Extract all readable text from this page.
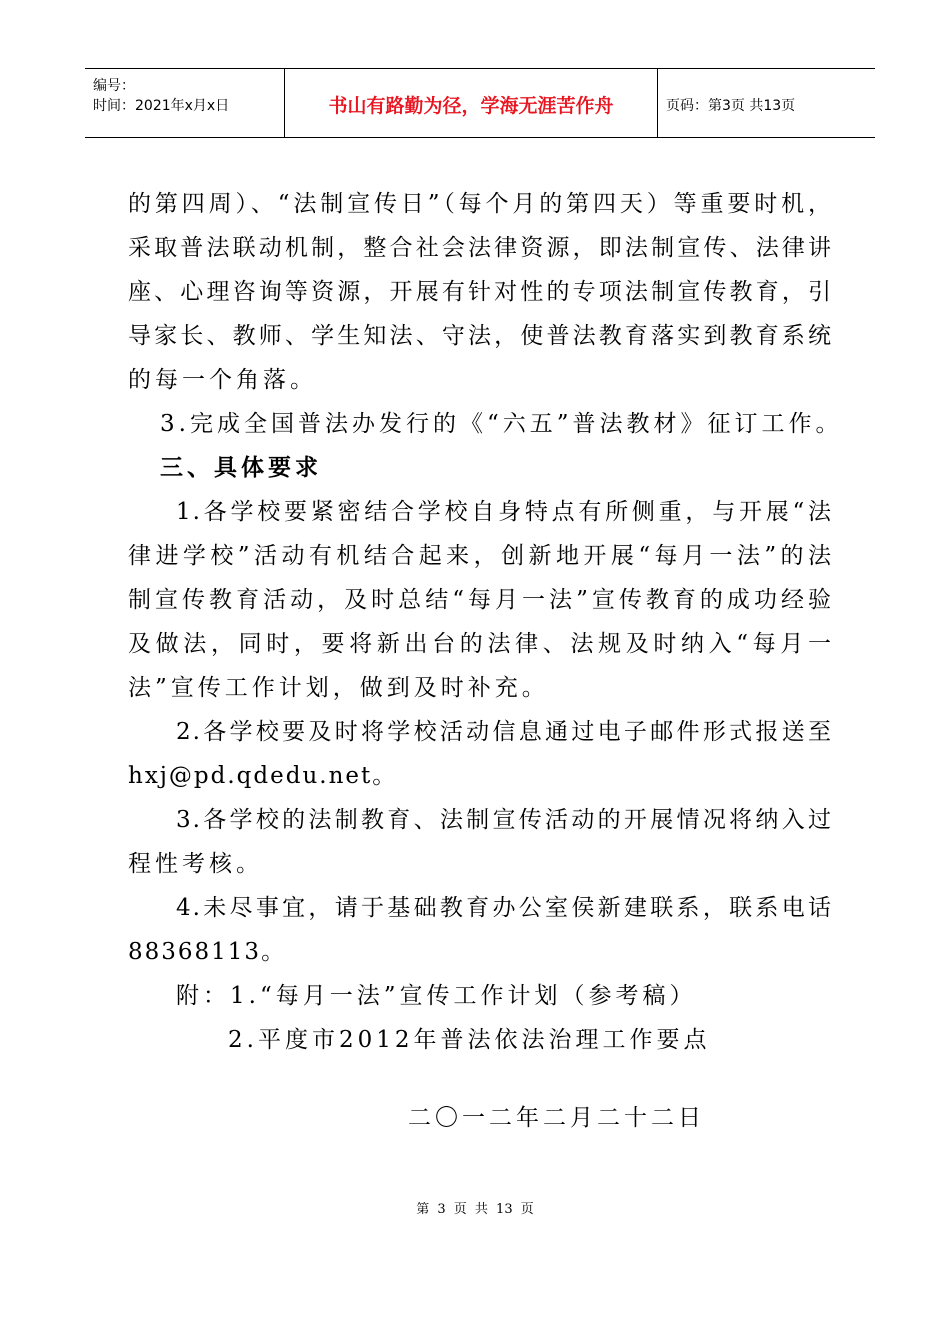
编号：
时间：2021年x月x日	书山有路勤为径，学海无涯苦作舟	页码：第3页 共13页
的第四周）、“法制宣传日”（每个月的第四天）等重要时机，
采取普法联动机制，整合社会法律资源，即法制宣传、法律讲
座、心理咨询等资源，开展有针对性的专项法制宣传教育，引
导家长、教师、学生知法、守法，使普法教育落实到教育系统
的每一个角落。
3.完成全国普法办发行的《“六五”普法教材》征订工作。
三、具体要求
1.各学校要紧密结合学校自身特点有所侧重，与开展“法
律进学校”活动有机结合起来，创新地开展“每月一法”的法
制宣传教育活动，及时总结“每月一法”宣传教育的成功经验
及做法，同时，要将新出台的法律、法规及时纳入“每月一
法”宣传工作计划，做到及时补充。
2.各学校要及时将学校活动信息通过电子邮件形式报送至
hxj@pd.qdedu.net。
3.各学校的法制教育、法制宣传活动的开展情况将纳入过
程性考核。
4.未尽事宜，请于基础教育办公室侯新建联系，联系电话
88368113。
附：1.“每月一法”宣传工作计划（参考稿）
2.平度市2012年普法依法治理工作要点
二〇一二年二月二十二日
第 3 页 共 13 页
